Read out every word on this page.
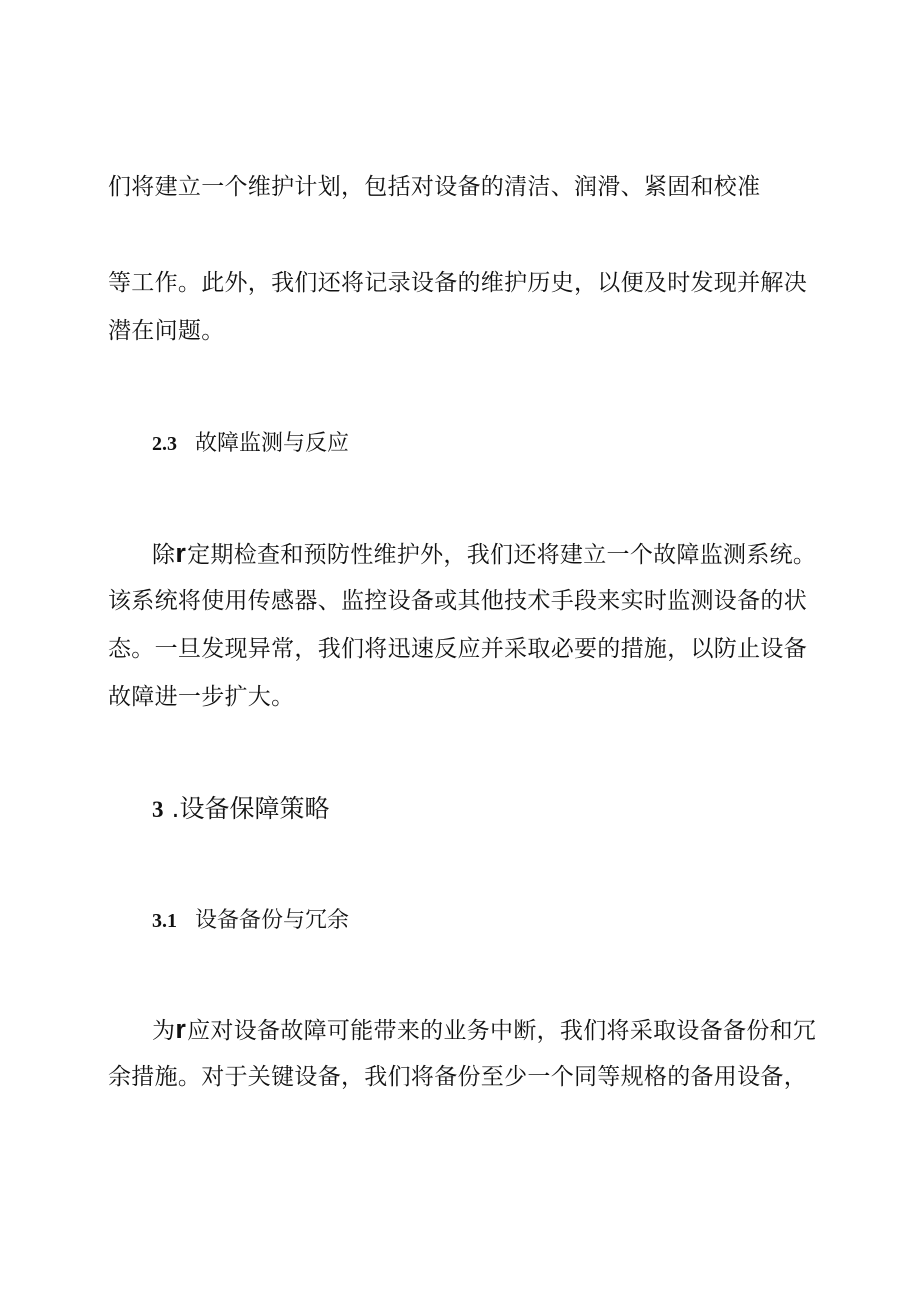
们将建立一个维护计划，包括对设备的清洁、润滑、紧固和校准
等工作。此外，我们还将记录设备的维护历史，以便及时发现并解决
潜在问题。
2.3 故障监测与反应
除r定期检查和预防性维护外，我们还将建立一个故障监测系统。
该系统将使用传感器、监控设备或其他技术手段来实时监测设备的状
态。一旦发现异常，我们将迅速反应并采取必要的措施，以防止设备
故障进一步扩大。
3 .设备保障策略
3.1 设备备份与冗余
为r应对设备故障可能带来的业务中断，我们将采取设备备份和冗
余措施。对于关键设备，我们将备份至少一个同等规格的备用设备，
